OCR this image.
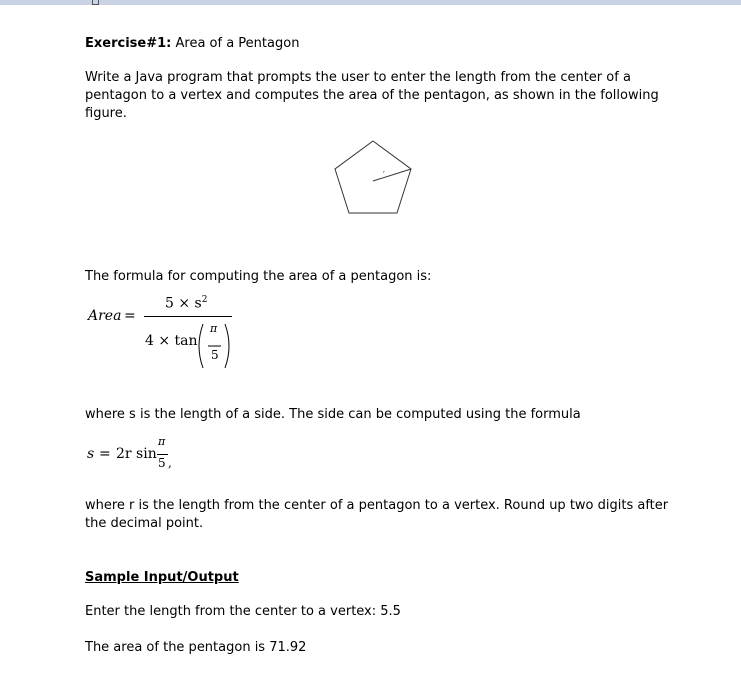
Exercise#1: Area of a Pentagon
Write a Java program that prompts the user to enter the length from the center of a pentagon to a vertex and computes the area of the pentagon, as shown in the following figure.
r
The formula for computing the area of a pentagon is:
Area =
$5 \times s^2$
4 × tan
π
5
where s is the length of a side. The side can be computed using the formula
s = 2r sin
π
5 ,
where r is the length from the center of a pentagon to a vertex. Round up two digits after the decimal point.
Sample Input/Output
Enter the length from the center to a vertex: 5.5
The area of the pentagon is 71.92
